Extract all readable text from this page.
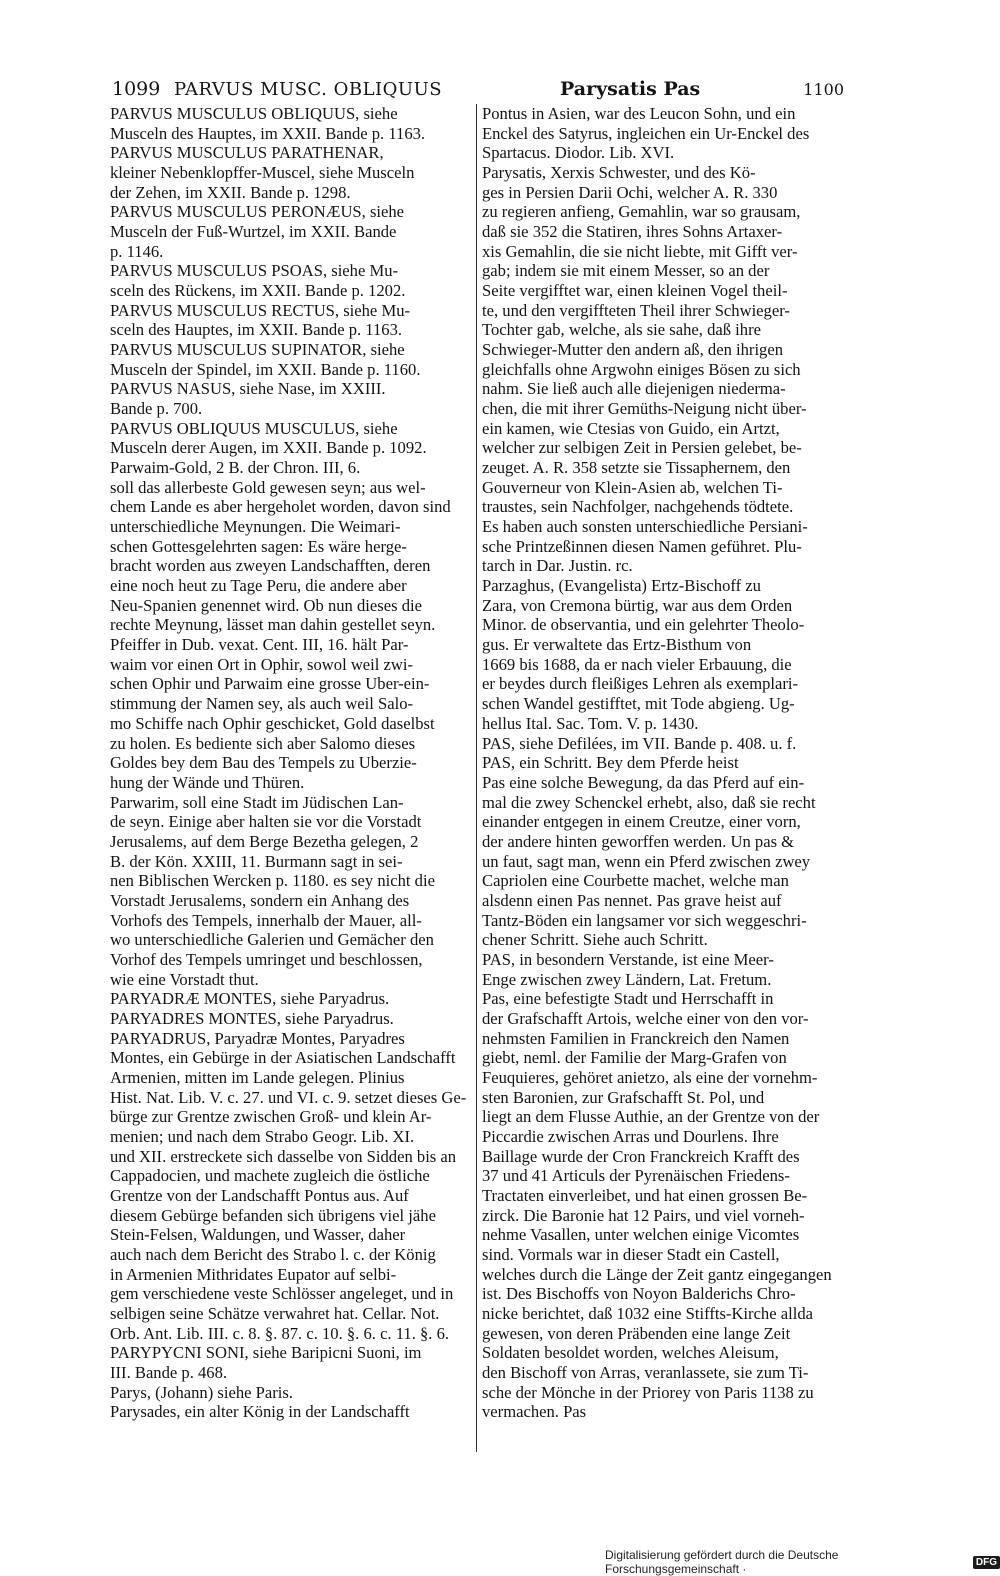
1099 PARVUS MUSC. OBLIQUUS	Parysatis Pas	1100
PARVUS MUSCULUS OBLIQUUS, siehe
Musceln des Hauptes, im XXII. Bande p. 1163.
PARVUS MUSCULUS PARATHENAR,
kleiner Nebenklopffer-Muscel, siehe Musceln
der Zehen, im XXII. Bande p. 1298.
PARVUS MUSCULUS PERONÆUS, siehe
Musceln der Fuß-Wurtzel, im XXII. Bande
p. 1146.
PARVUS MUSCULUS PSOAS, siehe Mu-
sceln des Rückens, im XXII. Bande p. 1202.
PARVUS MUSCULUS RECTUS, siehe Mu-
sceln des Hauptes, im XXII. Bande p. 1163.
PARVUS MUSCULUS SUPINATOR, siehe
Musceln der Spindel, im XXII. Bande p. 1160.
PARVUS NASUS, siehe Nase, im XXIII.
Bande p. 700.
PARVUS OBLIQUUS MUSCULUS, siehe
Musceln derer Augen, im XXII. Bande p. 1092.
Parwaim-Gold, 2 B. der Chron. III, 6.
soll das allerbeste Gold gewesen seyn; aus wel-
chem Lande es aber hergeholet worden, davon sind
unterschiedliche Meynungen. Die Weimari-
schen Gottesgelehrten sagen: Es wäre herge-
bracht worden aus zweyen Landschafften, deren
eine noch heut zu Tage Peru, die andere aber
Neu-Spanien genennet wird. Ob nun dieses die
rechte Meynung, lässet man dahin gestellet seyn.
Pfeiffer in Dub. vexat. Cent. III, 16. hält Par-
waim vor einen Ort in Ophir, sowol weil zwi-
schen Ophir und Parwaim eine grosse Uber-ein-
stimmung der Namen sey, als auch weil Salo-
mo Schiffe nach Ophir geschicket, Gold daselbst
zu holen. Es bediente sich aber Salomo dieses
Goldes bey dem Bau des Tempels zu Uberzie-
hung der Wände und Thüren.
Parwarim, soll eine Stadt im Jüdischen Lan-
de seyn. Einige aber halten sie vor die Vorstadt
Jerusalems, auf dem Berge Bezetha gelegen, 2
B. der Kön. XXIII, 11. Burmann sagt in sei-
nen Biblischen Wercken p. 1180. es sey nicht die
Vorstadt Jerusalems, sondern ein Anhang des
Vorhofs des Tempels, innerhalb der Mauer, all-
wo unterschiedliche Galerien und Gemächer den
Vorhof des Tempels umringet und beschlossen,
wie eine Vorstadt thut.
PARYADRÆ MONTES, siehe Paryadrus.
PARYADRES MONTES, siehe Paryadrus.
PARYADRUS, Paryadræ Montes, Paryadres
Montes, ein Gebürge in der Asiatischen Landschafft
Armenien, mitten im Lande gelegen. Plinius
Hist. Nat. Lib. V. c. 27. und VI. c. 9. setzet dieses Ge-
bürge zur Grentze zwischen Groß- und klein Ar-
menien; und nach dem Strabo Geogr. Lib. XI.
und XII. erstreckete sich dasselbe von Sidden bis an
Cappadocien, und machete zugleich die östliche
Grentze von der Landschafft Pontus aus. Auf
diesem Gebürge befanden sich übrigens viel jähe
Stein-Felsen, Waldungen, und Wasser, daher
auch nach dem Bericht des Strabo l. c. der König
in Armenien Mithridates Eupator auf selbi-
gem verschiedene veste Schlösser angeleget, und in
selbigen seine Schätze verwahret hat. Cellar. Not.
Orb. Ant. Lib. III. c. 8. §. 87. c. 10. §. 6. c. 11. §. 6.
PARYPYCNI SONI, siehe Baripicni Suoni, im
III. Bande p. 468.
Parys, (Johann) siehe Paris.
Parysades, ein alter König in der Landschafft
Pontus in Asien, war des Leucon Sohn, und ein
Enckel des Satyrus, ingleichen ein Ur-Enckel des
Spartacus. Diodor. Lib. XVI.
Parysatis, Xerxis Schwester, und des Kö-
ges in Persien Darii Ochi, welcher A. R. 330
zu regieren anfieng, Gemahlin, war so grausam,
daß sie 352 die Statiren, ihres Sohns Artaxer-
xis Gemahlin, die sie nicht liebte, mit Gifft ver-
gab; indem sie mit einem Messer, so an der
Seite vergifftet war, einen kleinen Vogel theil-
te, und den vergiffteten Theil ihrer Schwieger-
Tochter gab, welche, als sie sahe, daß ihre
Schwieger-Mutter den andern aß, den ihrigen
gleichfalls ohne Argwohn einiges Bösen zu sich
nahm. Sie ließ auch alle diejenigen niederma-
chen, die mit ihrer Gemüths-Neigung nicht über-
ein kamen, wie Ctesias von Guido, ein Artzt,
welcher zur selbigen Zeit in Persien gelebet, be-
zeuget. A. R. 358 setzte sie Tissaphernem, den
Gouverneur von Klein-Asien ab, welchen Ti-
traustes, sein Nachfolger, nachgehends tödtete.
Es haben auch sonsten unterschiedliche Persiani-
sche Printzeßinnen diesen Namen geführet. Plu-
tarch in Dar. Justin. rc.
Parzaghus, (Evangelista) Ertz-Bischoff zu
Zara, von Cremona bürtig, war aus dem Orden
Minor. de observantia, und ein gelehrter Theolo-
gus. Er verwaltete das Ertz-Bisthum von
1669 bis 1688, da er nach vieler Erbauung, die
er beydes durch fleißiges Lehren als exemplari-
schen Wandel gestifftet, mit Tode abgieng. Ug-
hellus Ital. Sac. Tom. V. p. 1430.
PAS, siehe Defilées, im VII. Bande p. 408. u. f.
PAS, ein Schritt. Bey dem Pferde heist
Pas eine solche Bewegung, da das Pferd auf ein-
mal die zwey Schenckel erhebt, also, daß sie recht
einander entgegen in einem Creutze, einer vorn,
der andere hinten geworffen werden. Un pas &
un faut, sagt man, wenn ein Pferd zwischen zwey
Capriolen eine Courbette machet, welche man
alsdenn einen Pas nennet. Pas grave heist auf
Tantz-Böden ein langsamer vor sich weggeschri-
chener Schritt. Siehe auch Schritt.
PAS, in besondern Verstande, ist eine Meer-
Enge zwischen zwey Ländern, Lat. Fretum.
Pas, eine befestigte Stadt und Herrschafft in
der Grafschafft Artois, welche einer von den vor-
nehmsten Familien in Franckreich den Namen
giebt, neml. der Familie der Marg-Grafen von
Feuquieres, gehöret anietzo, als eine der vornehm-
sten Baronien, zur Grafschafft St. Pol, und
liegt an dem Flusse Authie, an der Grentze von der
Piccardie zwischen Arras und Dourlens. Ihre
Baillage wurde der Cron Franckreich Krafft des
37 und 41 Articuls der Pyrenäischen Friedens-
Tractaten einverleibet, und hat einen grossen Be-
zirck. Die Baronie hat 12 Pairs, und viel vorneh-
nehme Vasallen, unter welchen einige Vicomtes
sind. Vormals war in dieser Stadt ein Castell,
welches durch die Länge der Zeit gantz eingegangen
ist. Des Bischoffs von Noyon Balderichs Chro-
nicke berichtet, daß 1032 eine Stiffts-Kirche allda
gewesen, von deren Präbenden eine lange Zeit
Soldaten besoldet worden, welches Aleisum,
den Bischoff von Arras, veranlassete, sie zum Ti-
sche der Mönche in der Priorey von Paris 1138 zu
vermachen. Pas
Digitalisierung gefördert durch die Deutsche Forschungsgemeinschaft ·	DFG
